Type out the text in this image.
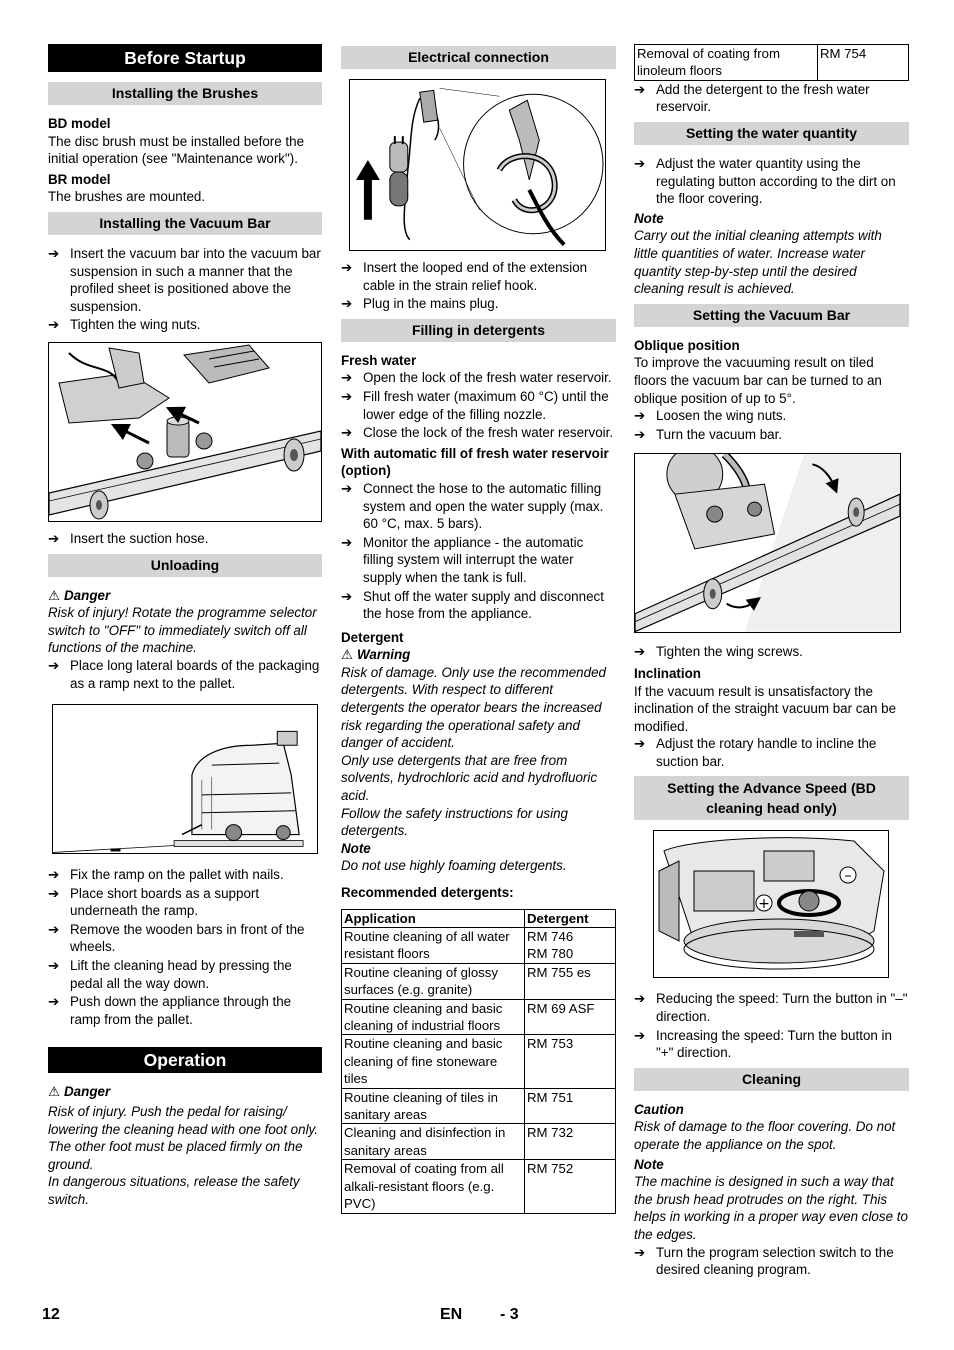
Before Startup
Installing the Brushes
BD model

The disc brush must be installed before the initial operation (see "Maintenance work").

BR model

The brushes are mounted.

Installing the Vacuum Bar
➔ Insert the vacuum bar into the vacuum bar suspension in such a manner that the profiled sheet is positioned above the suspension.
➔ Tighten the wing nuts.
➔ Insert the suction hose.
Unloading
⚠ Danger

Risk of injury! Rotate the programme selector switch to "OFF" to immediately switch off all functions of the machine.

➔ Place long lateral boards of the packaging as a ramp next to the pallet.
➔ Fix the ramp on the pallet with nails.
➔ Place short boards as a support underneath the ramp.
➔ Remove the wooden bars in front of the wheels.
➔ Lift the cleaning head by pressing the pedal all the way down.
➔ Push down the appliance through the ramp from the pallet.
Operation
⚠ Danger

Risk of injury. Push the pedal for raising/ lowering the cleaning head with one foot only. The other foot must be placed firmly on the ground.

In dangerous situations, release the safety switch.

Electrical connection
➔ Insert the looped end of the extension cable in the strain relief hook.
➔ Plug in the mains plug.
Filling in detergents
Fresh water
➔ Open the lock of the fresh water reservoir.
➔ Fill fresh water (maximum 60 °C) until the lower edge of the filling nozzle.
➔ Close the lock of the fresh water reservoir.
With automatic fill of fresh water reservoir (option)
➔ Connect the hose to the automatic filling system and open the water supply (max. 60 °C, max. 5 bars).
➔ Monitor the appliance - the automatic filling system will interrupt the water supply when the tank is full.
➔ Shut off the water supply and disconnect the hose from the appliance.
Detergent
⚠ Warning

Risk of damage. Only use the recommended detergents. With respect to different detergents the operator bears the increased risk regarding the operational safety and danger of accident.

Only use detergents that are free from solvents, hydrochloric acid and hydrofluoric acid.

Follow the safety instructions for using detergents.

Note

Do not use highly foaming detergents.

Recommended detergents:
Application	Detergent
Routine cleaning of all water resistant floors	RM 746
RM 780
Routine cleaning of glossy surfaces (e.g. granite)	RM 755 es
Routine cleaning and basic cleaning of industrial floors	RM 69 ASF
Routine cleaning and basic cleaning of fine stoneware tiles	RM 753
Routine cleaning of tiles in sanitary areas	RM 751
Cleaning and disinfection in sanitary areas	RM 732
Removal of coating from all alkali-resistant floors (e.g. PVC)	RM 752
Removal of coating from linoleum floors	RM 754
➔ Add the detergent to the fresh water reservoir.
Setting the water quantity
➔ Adjust the water quantity using the regulating button according to the dirt on the floor covering.
Note

Carry out the initial cleaning attempts with little quantities of water. Increase water quantity step-by-step until the desired cleaning result is achieved.

Setting the Vacuum Bar
Oblique position

To improve the vacuuming result on tiled floors the vacuum bar can be turned to an oblique position of up to 5°.

➔ Loosen the wing nuts.
➔ Turn the vacuum bar.
➔ Tighten the wing screws.
Inclination

If the vacuum result is unsatisfactory the inclination of the straight vacuum bar can be modified.

➔ Adjust the rotary handle to incline the suction bar.
Setting the Advance Speed (BD cleaning head only)
+
–
➔ Reducing the speed: Turn the button in "–" direction.
➔ Increasing the speed: Turn the button in "+" direction.
Cleaning
Caution

Risk of damage to the floor covering. Do not operate the appliance on the spot.

Note

The machine is designed in such a way that the brush head protrudes on the right. This helps in working in a proper way even close to the edges.

➔ Turn the program selection switch to the desired cleaning program.
12	EN - 3
